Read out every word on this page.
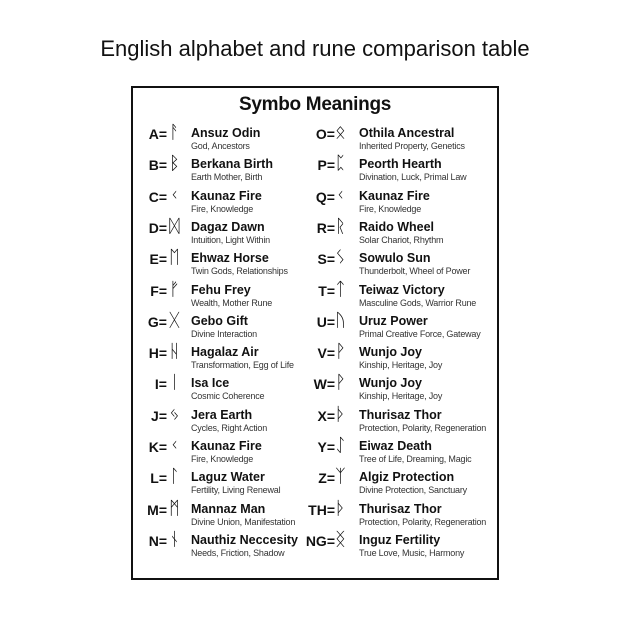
English alphabet and rune comparison table
Symbo Meanings
A= ᚨ Ansuz Odin
God, Ancestors
B= ᛒ Berkana Birth
Earth Mother, Birth
C= ᚲ Kaunaz Fire
Fire, Knowledge
D= ᛞ Dagaz Dawn
Intuition, Light Within
E= ᛖ Ehwaz Horse
Twin Gods, Relationships
F= ᚠ Fehu Frey
Wealth, Mother Rune
G= ᚷ Gebo Gift
Divine Interaction
H= ᚺ Hagalaz Air
Transformation, Egg of Life
I= ᛁ Isa Ice
Cosmic Coherence
J= ᛃ Jera Earth
Cycles, Right Action
K= ᚲ Kaunaz Fire
Fire, Knowledge
L= ᛚ Laguz Water
Fertility, Living Renewal
M= ᛗ Mannaz Man
Divine Union, Manifestation
N= ᚾ Nauthiz Neccesity
Needs, Friction, Shadow
O= ᛟ Othila Ancestral
Inherited Property, Genetics
P= ᛈ Peorth Hearth
Divination, Luck, Primal Law
Q= ᚲ Kaunaz Fire
Fire, Knowledge
R= ᚱ Raido Wheel
Solar Chariot, Rhythm
S= ᛊ Sowulo Sun
Thunderbolt, Wheel of Power
T= ᛏ Teiwaz Victory
Masculine Gods, Warrior Rune
U= ᚢ Uruz Power
Primal Creative Force, Gateway
V= ᚹ Wunjo Joy
Kinship, Heritage, Joy
W= ᚹ Wunjo Joy
Kinship, Heritage, Joy
X= ᚦ Thurisaz Thor
Protection, Polarity, Regeneration
Y= ᛇ Eiwaz Death
Tree of Life, Dreaming, Magic
Z= ᛉ Algiz Protection
Divine Protection, Sanctuary
TH= ᚦ Thurisaz Thor
Protection, Polarity, Regeneration
NG= ᛝ Inguz Fertility
True Love, Music, Harmony
